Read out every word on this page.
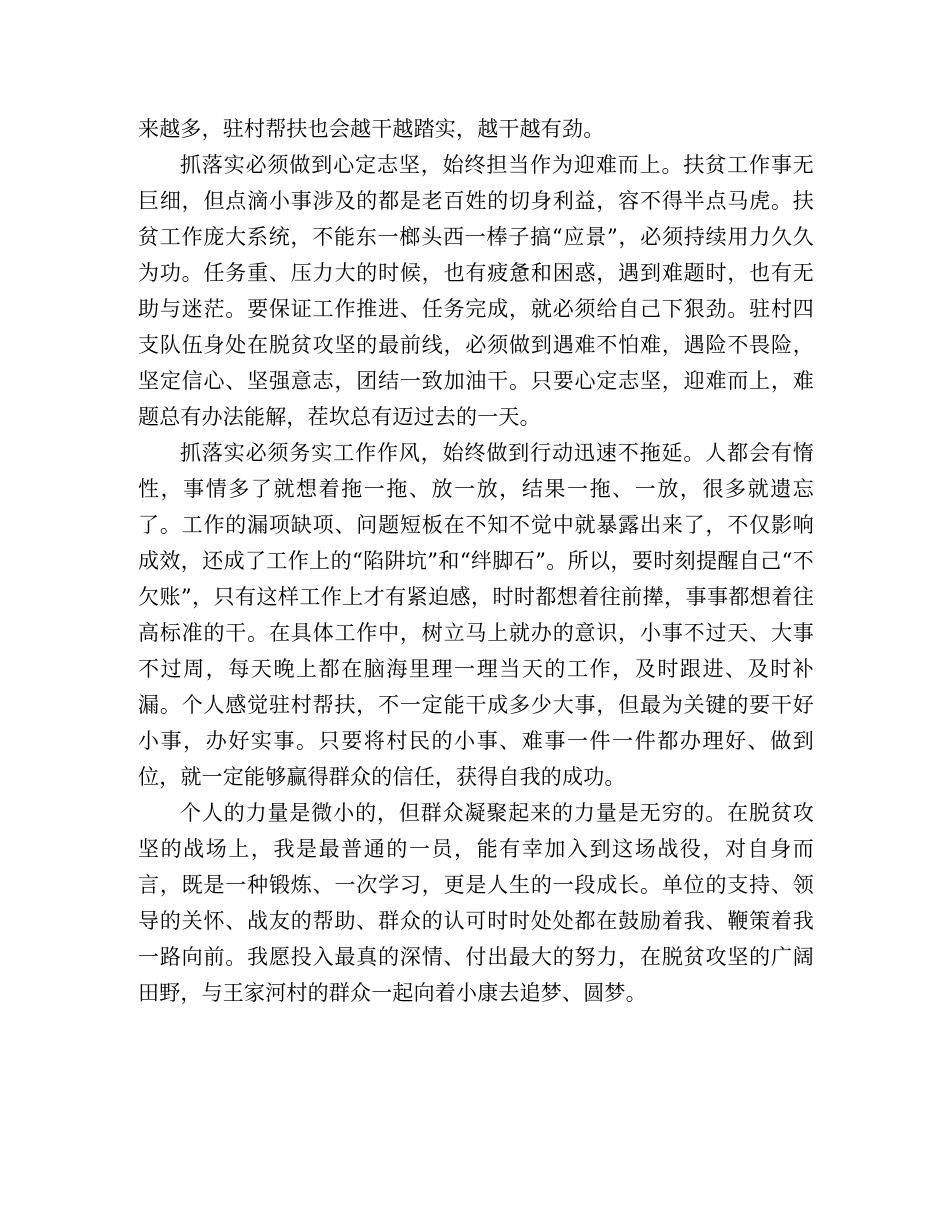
来越多，驻村帮扶也会越干越踏实，越干越有劲。

抓落实必须做到心定志坚，始终担当作为迎难而上。扶贫工作事无巨细，但点滴小事涉及的都是老百姓的切身利益，容不得半点马虎。扶贫工作庞大系统，不能东一榔头西一棒子搞“应景”，必须持续用力久久为功。任务重、压力大的时候，也有疲惫和困惑，遇到难题时，也有无助与迷茫。要保证工作推进、任务完成，就必须给自己下狠劲。驻村四支队伍身处在脱贫攻坚的最前线，必须做到遇难不怕难，遇险不畏险，坚定信心、坚强意志，团结一致加油干。只要心定志坚，迎难而上，难题总有办法能解，茬坎总有迈过去的一天。

抓落实必须务实工作作风，始终做到行动迅速不拖延。人都会有惰性，事情多了就想着拖一拖、放一放，结果一拖、一放，很多就遗忘了。工作的漏项缺项、问题短板在不知不觉中就暴露出来了，不仅影响成效，还成了工作上的“陷阱坑”和“绊脚石”。所以，要时刻提醒自己“不欠账”，只有这样工作上才有紧迫感，时时都想着往前撵，事事都想着往高标准的干。在具体工作中，树立马上就办的意识，小事不过天、大事不过周，每天晚上都在脑海里理一理当天的工作，及时跟进、及时补漏。个人感觉驻村帮扶，不一定能干成多少大事，但最为关键的要干好小事，办好实事。只要将村民的小事、难事一件一件都办理好、做到位，就一定能够赢得群众的信任，获得自我的成功。

个人的力量是微小的，但群众凝聚起来的力量是无穷的。在脱贫攻坚的战场上，我是最普通的一员，能有幸加入到这场战役，对自身而言，既是一种锻炼、一次学习，更是人生的一段成长。单位的支持、领导的关怀、战友的帮助、群众的认可时时处处都在鼓励着我、鞭策着我一路向前。我愿投入最真的深情、付出最大的努力，在脱贫攻坚的广阔田野，与王家河村的群众一起向着小康去追梦、圆梦。
